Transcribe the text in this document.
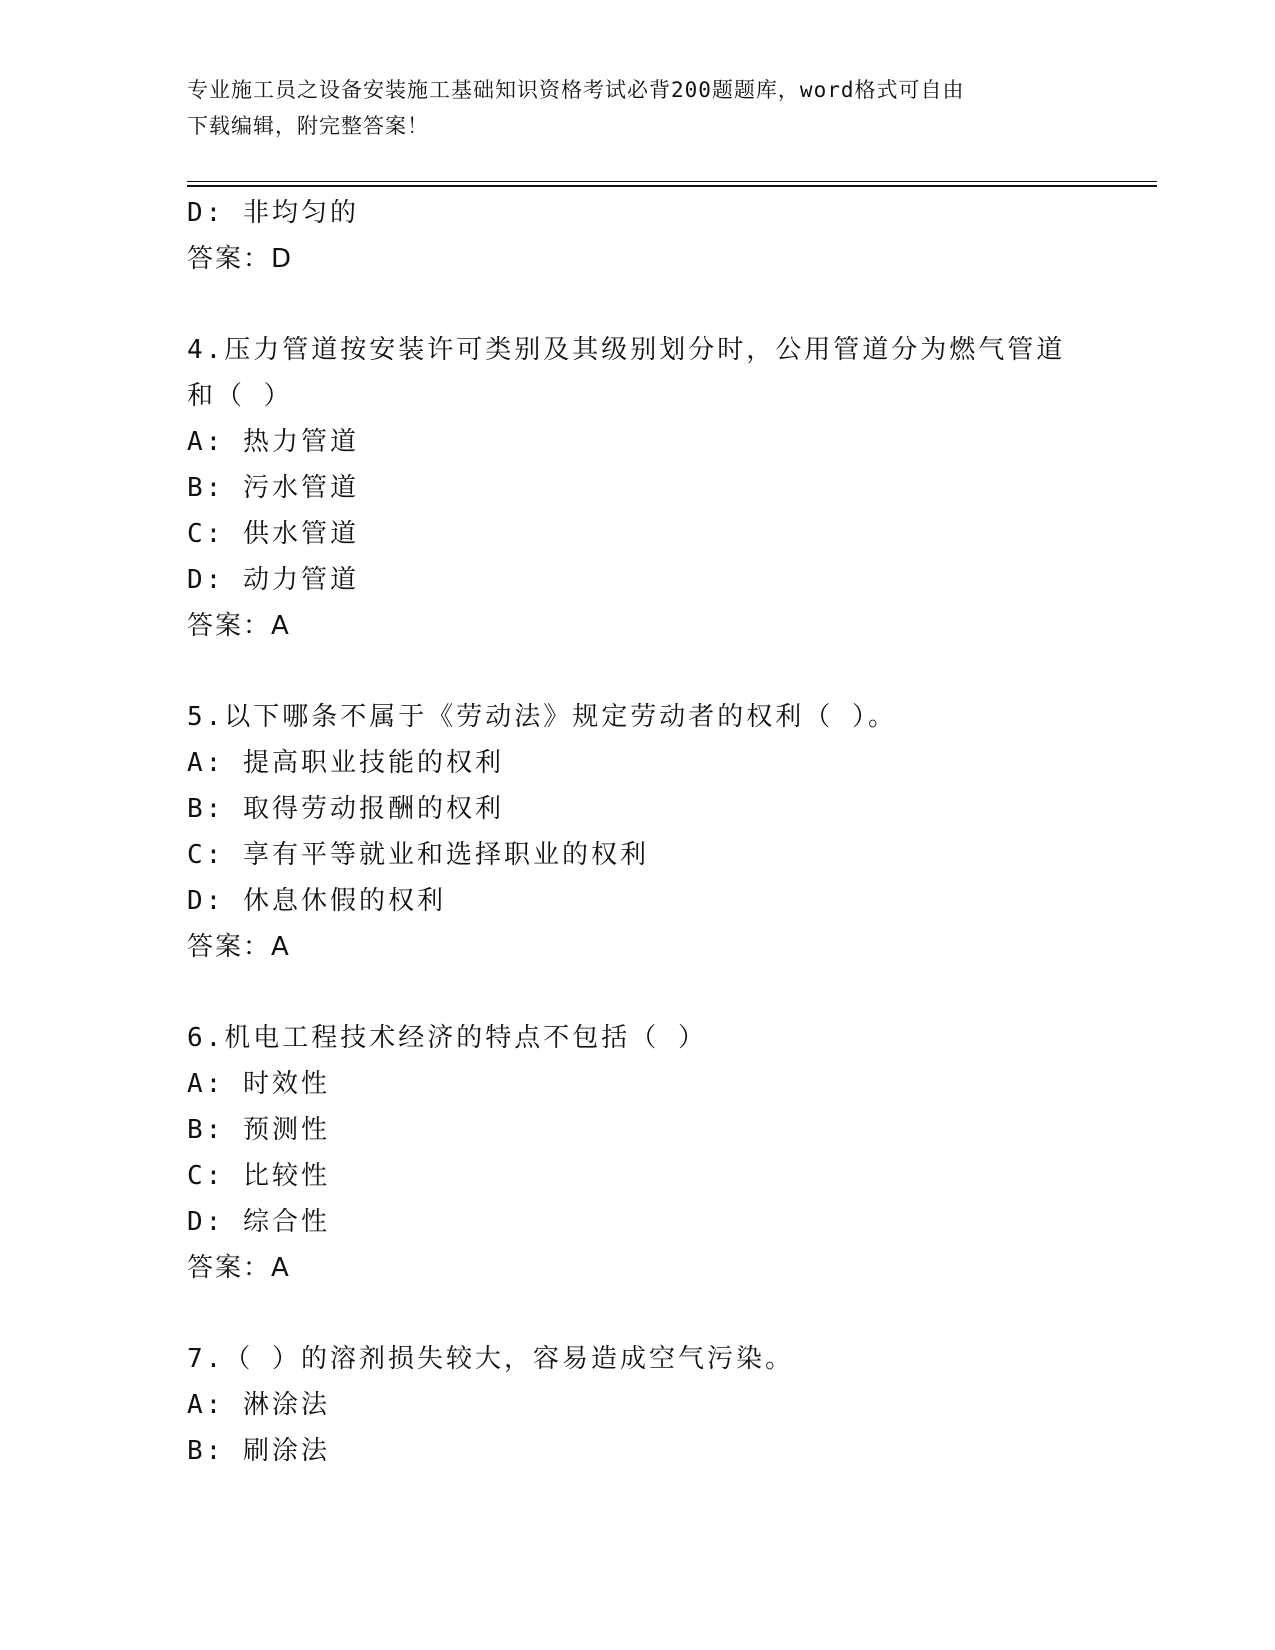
专业施工员之设备安装施工基础知识资格考试必背200题题库，word格式可自由
下载编辑，附完整答案！
D: 非均匀的
答案：D
4.压力管道按安装许可类别及其级别划分时，公用管道分为燃气管道
和（ ）
A: 热力管道
B: 污水管道
C: 供水管道
D: 动力管道
答案：A
5.以下哪条不属于《劳动法》规定劳动者的权利（ ）。
A: 提高职业技能的权利
B: 取得劳动报酬的权利
C: 享有平等就业和选择职业的权利
D: 休息休假的权利
答案：A
6.机电工程技术经济的特点不包括（ ）
A: 时效性
B: 预测性
C: 比较性
D: 综合性
答案：A
7.（ ）的溶剂损失较大，容易造成空气污染。
A: 淋涂法
B: 刷涂法
